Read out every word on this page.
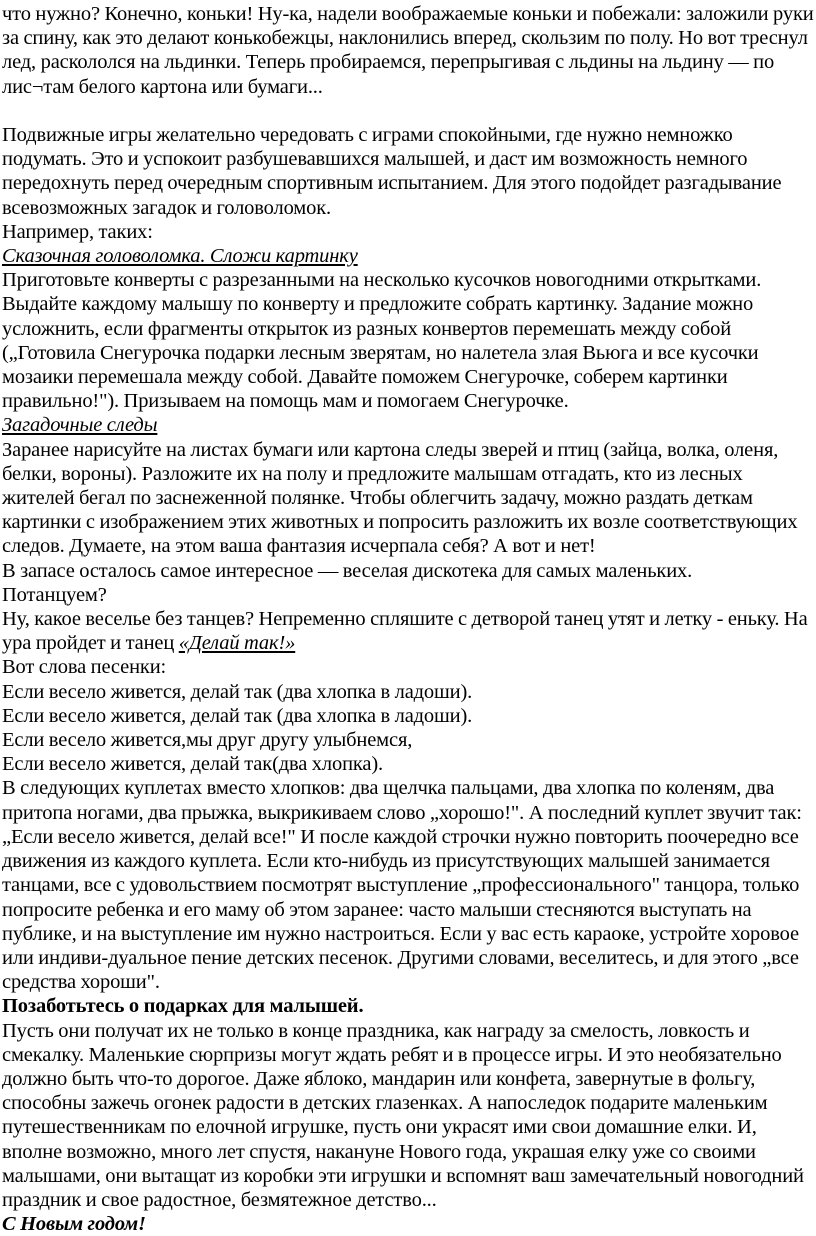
что нужно? Конечно, коньки! Ну-ка, надели воображаемые коньки и побежали: заложили руки за спину, как это делают конькобежцы, наклонились вперед, скользим по полу. Но вот треснул лед, раскололся на льдинки. Теперь пробираемся, перепрыгивая с льдины на льдину — по лис¬там белого картона или бумаги...

Подвижные игры желательно чередовать с играми спокойными, где нужно немножко подумать. Это и успокоит разбушевавшихся малышей, и даст им возможность немного передохнуть перед очередным спортивным испытанием. Для этого подойдет разгадывание всевозможных загадок и головоломок.

Например, таких:

Сказочная головоломка. Сложи картинку

Приготовьте конверты с разрезанными на несколько кусочков новогодними открытками. Выдайте каждому малышу по конверту и предложите собрать картинку. Задание можно усложнить, если фрагменты открыток из разных конвертов перемешать между собой („Готовила Снегурочка подарки лесным зверятам, но налетела злая Вьюга и все кусочки мозаики перемешала между собой. Давайте поможем Снегурочке, соберем картинки правильно!"). Призываем на помощь мам и помогаем Снегурочке.

Загадочные следы

Заранее нарисуйте на листах бумаги или картона следы зверей и птиц (зайца, волка, оленя, белки, вороны). Разложите их на полу и предложите малышам отгадать, кто из лесных жителей бегал по заснеженной полянке. Чтобы облегчить задачу, можно раздать деткам картинки с изображением этих животных и попросить разложить их возле соответствующих следов. Думаете, на этом ваша фантазия исчерпала себя? А вот и нет!

В запасе осталось самое интересное — веселая дискотека для самых маленьких.

Потанцуем?

Ну, какое веселье без танцев? Непременно спляшите с детворой танец утят и летку - еньку. На ура пройдет и танец «Делай так!»

Вот слова песенки:

Если весело живется, делай так (два хлопка в ладоши).

Если весело живется, делай так (два хлопка в ладоши).

Если весело живется,мы друг другу улыбнемся,

Если весело живется, делай так(два хлопка).

В следующих куплетах вместо хлопков: два щелчка пальцами, два хлопка по коленям, два притопа ногами, два прыжка, выкрикиваем слово „хорошо!". А последний куплет звучит так: „Если весело живется, делай все!" И после каждой строчки нужно повторить поочередно все движения из каждого куплета. Если кто-нибудь из присутствующих малышей занимается танцами, все с удовольствием посмотрят выступление „профессионального" танцора, только попросите ребенка и его маму об этом заранее: часто малыши стесняются выступать на публике, и на выступление им нужно настроиться. Если у вас есть караоке, устройте хоровое или индиви-дуальное пение детских песенок. Другими словами, веселитесь, и для этого „все средства хороши".

Позаботьтесь о подарках для малышей.

Пусть они получат их не только в конце праздника, как награду за смелость, ловкость и смекалку. Маленькие сюрпризы могут ждать ребят и в процессе игры. И это необязательно должно быть что-то дорогое. Даже яблоко, мандарин или конфета, завернутые в фольгу, способны зажечь огонек радости в детских глазенках. А напоследок подарите маленьким путешественникам по елочной игрушке, пусть они украсят ими свои домашние елки. И, вполне возможно, много лет спустя, накануне Нового года, украшая елку уже со своими малышами, они вытащат из коробки эти игрушки и вспомнят ваш замечательный новогодний праздник и свое радостное, безмятежное детство...

С Новым годом!
